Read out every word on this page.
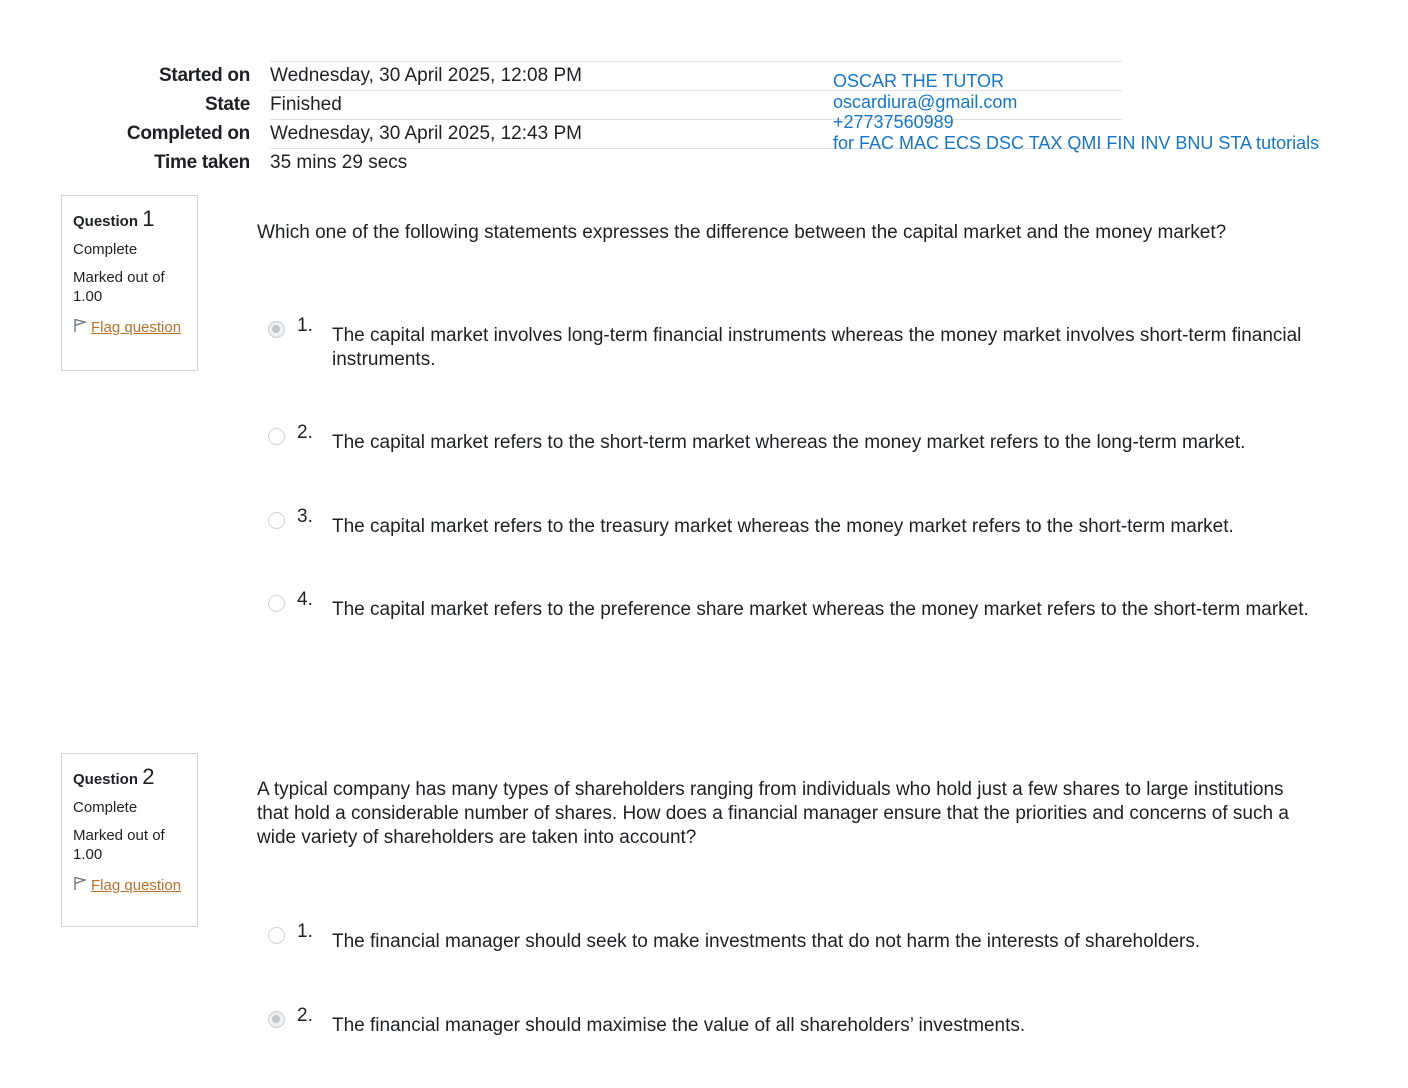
Started on	Wednesday, 30 April 2025, 12:08 PM
State	Finished
Completed on	Wednesday, 30 April 2025, 12:43 PM
Time taken	35 mins 29 secs
OSCAR THE TUTOR
oscardiura@gmail.com
+27737560989
for FAC MAC ECS DSC TAX QMI FIN INV BNU STA tutorials
Question 1
Complete
Marked out of 1.00
Flag question
Which one of the following statements expresses the difference between the capital market and the money market?
1. The capital market involves long-term financial instruments whereas the money market involves short-term financial instruments.
2. The capital market refers to the short-term market whereas the money market refers to the long-term market.
3. The capital market refers to the treasury market whereas the money market refers to the short-term market.
4. The capital market refers to the preference share market whereas the money market refers to the short-term market.
Question 2
Complete
Marked out of 1.00
Flag question
A typical company has many types of shareholders ranging from individuals who hold just a few shares to large institutions that hold a considerable number of shares. How does a financial manager ensure that the priorities and concerns of such a wide variety of shareholders are taken into account?
1. The financial manager should seek to make investments that do not harm the interests of shareholders.
2. The financial manager should maximise the value of all shareholders’ investments.
